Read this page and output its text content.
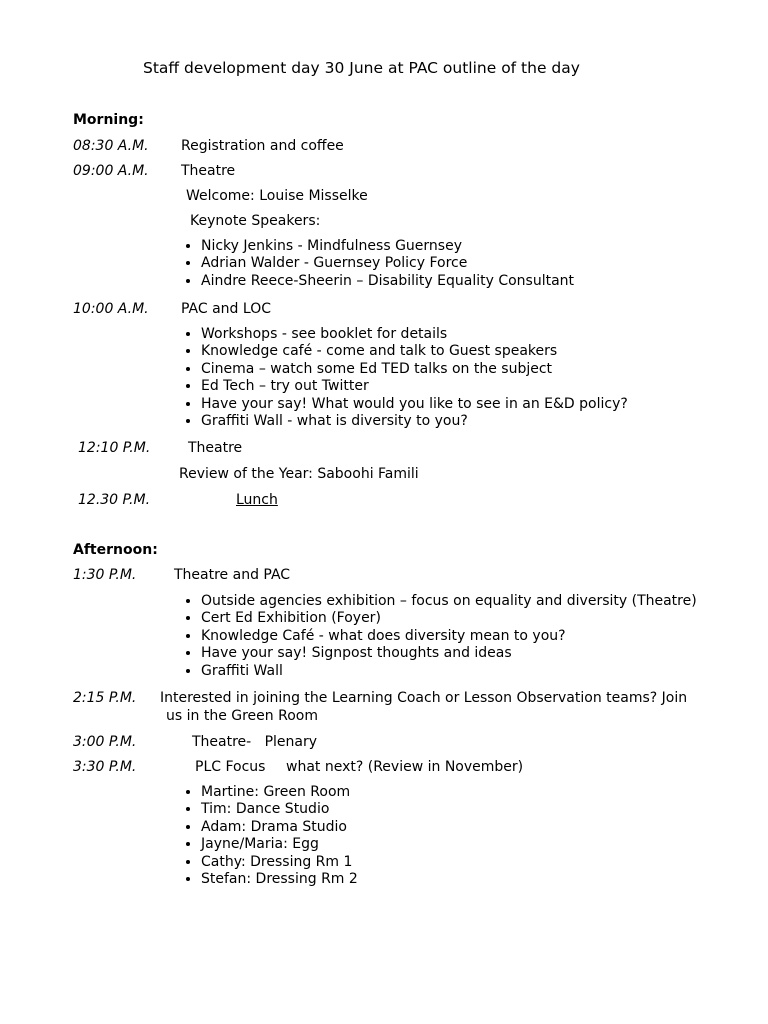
Staff development day 30 June at PAC outline of the day
Morning:
08:30 A.M. Registration and coffee
09:00 A.M. Theatre
Welcome: Louise Misselke
Keynote Speakers:
• Nicky Jenkins - Mindfulness Guernsey
• Adrian Walder - Guernsey Policy Force
• Aindre Reece-Sheerin – Disability Equality Consultant
10:00 A.M. PAC and LOC
• Workshops - see booklet for details
• Knowledge café - come and talk to Guest speakers
• Cinema – watch some Ed TED talks on the subject
• Ed Tech – try out Twitter
• Have your say! What would you like to see in an E&D policy?
• Graffiti Wall - what is diversity to you?
12:10 P.M.	Theatre
Review of the Year: Saboohi Famili
12.30 P.M.	Lunch
Afternoon:
1:30 P.M.	Theatre and PAC
• Outside agencies exhibition – focus on equality and diversity (Theatre)
• Cert Ed Exhibition (Foyer)
• Knowledge Café - what does diversity mean to you?
• Have your say! Signpost thoughts and ideas
• Graffiti Wall
2:15 P.M. Interested in joining the Learning Coach or Lesson Observation teams? Join
us in the Green Room
3:00 P.M.	Theatre-   Plenary
3:30 P.M.	PLC Focus what next? (Review in November)
• Martine: Green Room
• Tim: Dance Studio
• Adam: Drama Studio
• Jayne/Maria: Egg
• Cathy: Dressing Rm 1
• Stefan: Dressing Rm 2
